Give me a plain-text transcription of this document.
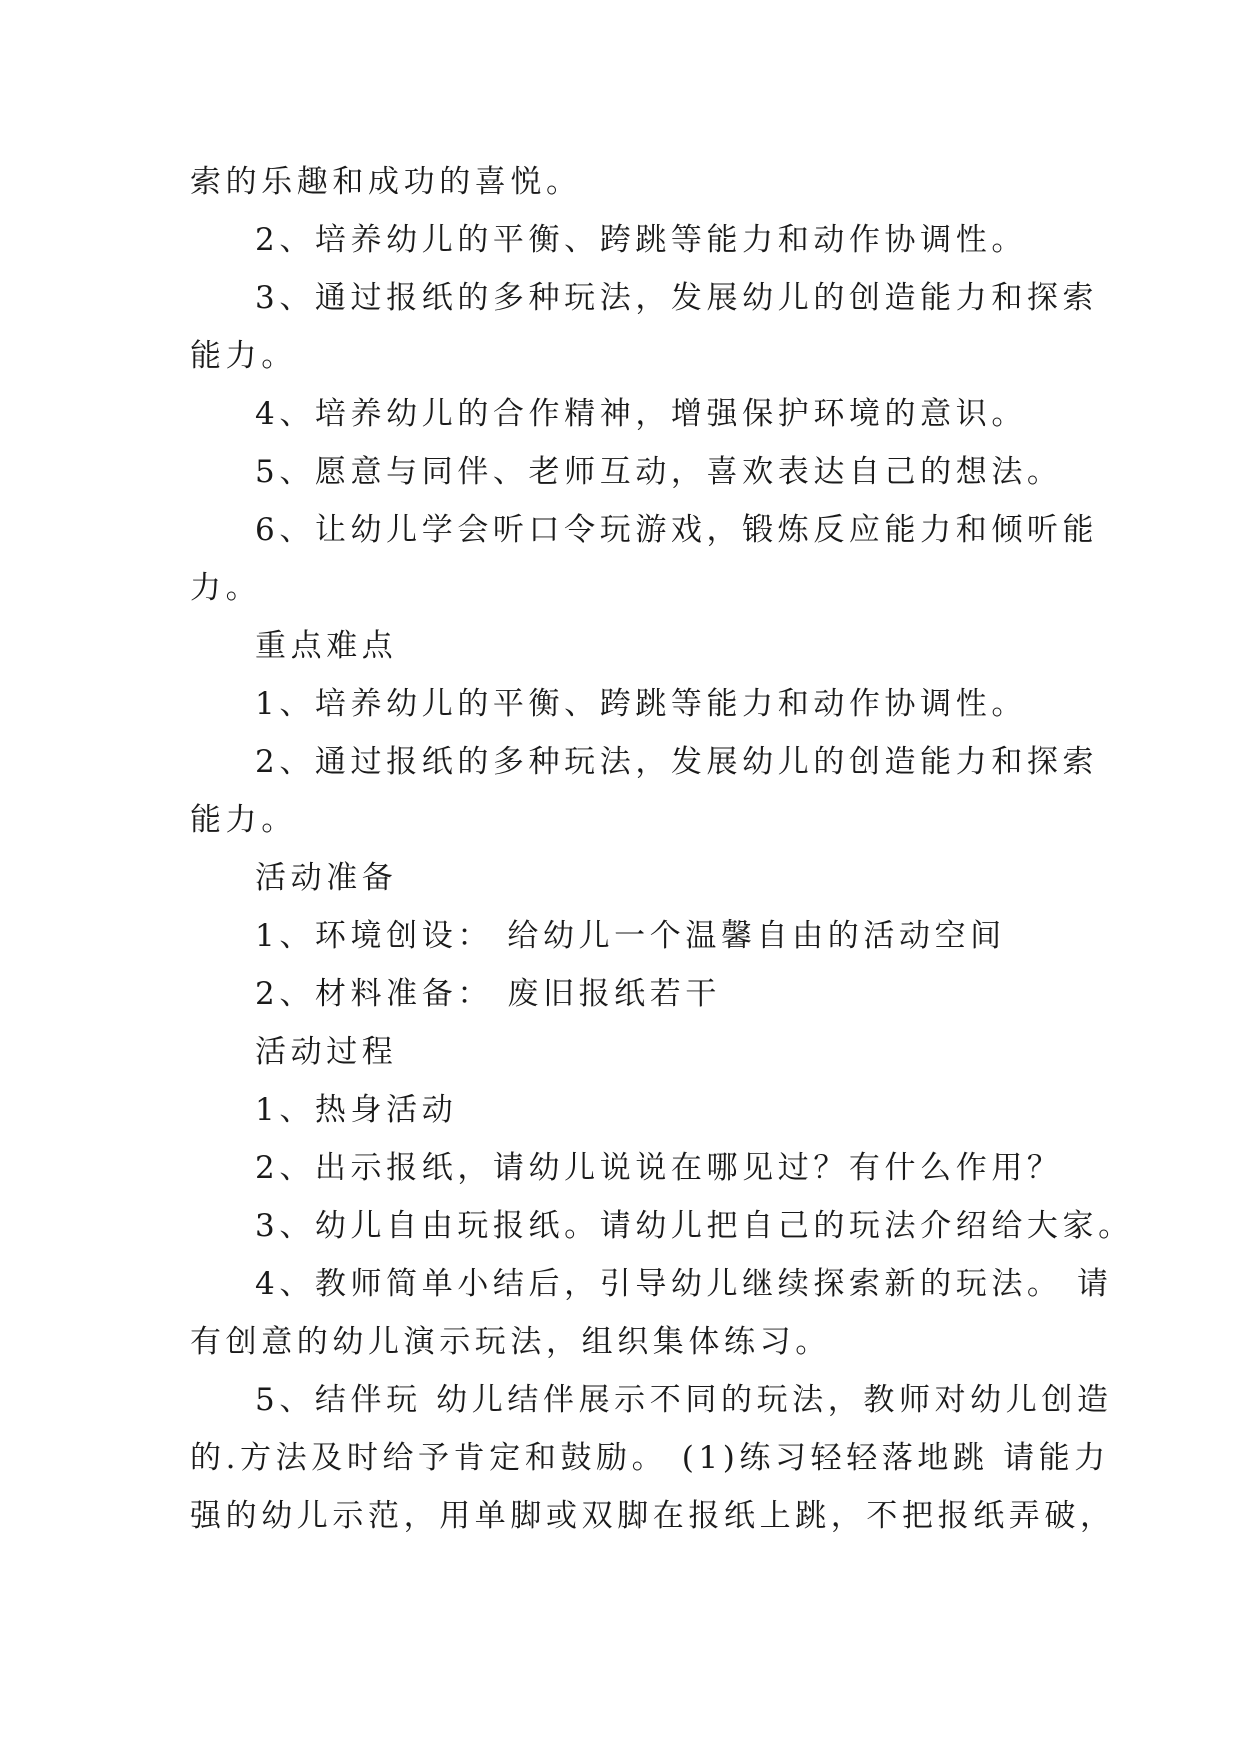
索的乐趣和成功的喜悦。
2、培养幼儿的平衡、跨跳等能力和动作协调性。
3、通过报纸的多种玩法，发展幼儿的创造能力和探索
能力。
4、培养幼儿的合作精神，增强保护环境的意识。
5、愿意与同伴、老师互动，喜欢表达自己的想法。
6、让幼儿学会听口令玩游戏，锻炼反应能力和倾听能
力。
重点难点
1、培养幼儿的平衡、跨跳等能力和动作协调性。
2、通过报纸的多种玩法，发展幼儿的创造能力和探索
能力。
活动准备
1、环境创设： 给幼儿一个温馨自由的活动空间
2、材料准备： 废旧报纸若干
活动过程
1、热身活动
2、出示报纸，请幼儿说说在哪见过？有什么作用？
3、幼儿自由玩报纸。请幼儿把自己的玩法介绍给大家。
4、教师简单小结后，引导幼儿继续探索新的玩法。 请
有创意的幼儿演示玩法，组织集体练习。
5、结伴玩 幼儿结伴展示不同的玩法，教师对幼儿创造
的.方法及时给予肯定和鼓励。 (1)练习轻轻落地跳 请能力
强的幼儿示范，用单脚或双脚在报纸上跳，不把报纸弄破，
